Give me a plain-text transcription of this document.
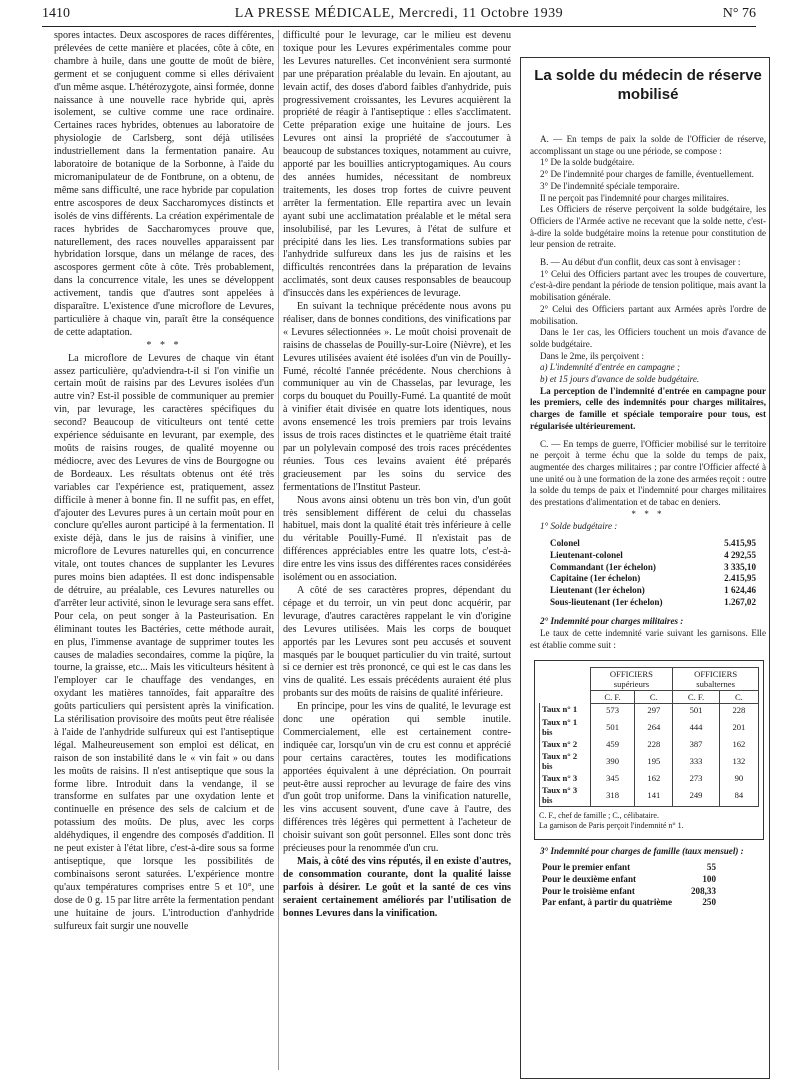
1410	LA PRESSE MÉDICALE, Mercredi, 11 Octobre 1939	N° 76

spores intactes. Deux ascospores de races différentes, prélevées de cette manière et placées, côte à côte, en chambre à huile, dans une goutte de moût de bière, germent et se conjuguent comme si elles dérivaient d'un même asque. L'hétérozygote, ainsi formée, donne naissance à une nouvelle race hybride qui, après isolement, se cultive comme une race ordinaire. Certaines races hybrides, obtenues au laboratoire de physiologie de Carlsberg, sont déjà utilisées industriellement dans la fermentation panaire. Au laboratoire de botanique de la Sorbonne, à l'aide du micromanipulateur de de Fontbrune, on a obtenu, de même sans difficulté, une race hybride par copulation entre ascospores de deux Saccharomyces distincts et isolés de vins différents. La création expérimentale de races hybrides de Saccharomyces prouve que, naturellement, des races nouvelles apparaissent par hybridation lorsque, dans un mélange de races, des ascospores germent côte à côte. Très probablement, dans la concurrence vitale, les unes se développent activement, tandis que d'autres sont appelées à disparaître. L'existence d'une microflore de Levures, particulière à chaque vin, paraît être la conséquence de cette adaptation.

* * *

La microflore de Levures de chaque vin étant assez particulière, qu'adviendra-t-il si l'on vinifie un certain moût de raisins par des Levures isolées d'un autre vin? Est-il possible de communiquer au premier vin, par levurage, les caractères spécifiques du second? Beaucoup de viticulteurs ont tenté cette expérience séduisante en levurant, par exemple, des moûts de raisins rouges, de qualité moyenne ou médiocre, avec des Levures de vins de Bourgogne ou de Bordeaux. Les résultats obtenus ont été très variables car l'expérience est, pratiquement, assez difficile à mener à bonne fin. Il ne suffit pas, en effet, d'ajouter des Levures pures à un certain moût pour en conclure qu'elles auront participé à la fermentation. Il existe déjà, dans le jus de raisins à vinifier, une microflore de Levures naturelles qui, en concurrence vitale, ont toutes chances de supplanter les Levures pures moins bien adaptées. Il est donc indispensable de détruire, au préalable, ces Levures naturelles ou d'arrêter leur activité, sinon le levurage sera sans effet. Pour cela, on peut songer à la Pasteurisation. En éliminant toutes les Bactéries, cette méthode aurait, en plus, l'immense avantage de supprimer toutes les causes de maladies secondaires, comme la piqûre, la tourne, la graisse, etc... Mais les viticulteurs hésitent à l'employer car le chauffage des vendanges, en oxydant les matières tannoïdes, fait apparaître des goûts particuliers qui persistent après la vinification. La stérilisation provisoire des moûts peut être réalisée à l'aide de l'anhydride sulfureux qui est l'antiseptique légal. Malheureusement son emploi est délicat, en raison de son instabilité dans le « vin fait » ou dans les moûts de raisins. Il n'est antiseptique que sous la forme libre. Introduit dans la vendange, il se transforme en sulfates par une oxydation lente et continuelle en présence des sels de calcium et de potassium des moûts. De plus, avec les corps aldéhydiques, il engendre des composés d'addition. Il ne peut exister à l'état libre, c'est-à-dire sous sa forme antiseptique, que lorsque les possibilités de combinaisons seront saturées. L'expérience montre qu'aux températures comprises entre 5 et 10°, une dose de 0 g. 15 par litre arrête la fermentation pendant une huitaine de jours. L'introduction d'anhydride sulfureux fait surgir une nouvelle

difficulté pour le levurage, car le milieu est devenu toxique pour les Levures expérimentales comme pour les Levures naturelles. Cet inconvénient sera surmonté par une préparation préalable du levain. En ajoutant, au levain actif, des doses d'abord faibles d'anhydride, puis progressivement croissantes, les Levures acquièrent la propriété de réagir à l'antiseptique : elles s'acclimatent. Cette préparation exige une huitaine de jours. Les Levures ont ainsi la propriété de s'accoutumer à beaucoup de substances toxiques, notamment au cuivre, apporté par les bouillies anticryptogamiques. Au cours des années humides, nécessitant de nombreux traitements, les doses trop fortes de cuivre peuvent arrêter la fermentation. Elle repartira avec un levain ayant subi une acclimatation préalable et le métal sera insolubilisé, par les Levures, à l'état de sulfure et précipité dans les lies. Les transformations subies par l'anhydride sulfureux dans les jus de raisins et les difficultés rencontrées dans la préparation de levains acclimatés, sont deux causes responsables de beaucoup d'insuccès dans les expériences de levurage.

En suivant la technique précédente nous avons pu réaliser, dans de bonnes conditions, des vinifications par « Levures sélectionnées ». Le moût choisi provenait de raisins de chasselas de Pouilly-sur-Loire (Nièvre), et les Levures utilisées avaient été isolées d'un vin de Pouilly-Fumé, récolté l'année précédente. Nous cherchions à communiquer au vin de Chasselas, par levurage, les corps du bouquet du Pouilly-Fumé. La quantité de moût à vinifier était divisée en quatre lots identiques, nous avons ensemencé les trois premiers par trois levains issus de trois races distinctes et le quatrième était traité par un polylevain composé des trois races précédentes réunies. Tous ces levains avaient été préparés gracieusement par les soins du service des fermentations de l'Institut Pasteur.

Nous avons ainsi obtenu un très bon vin, d'un goût très sensiblement différent de celui du chasselas habituel, mais dont la qualité était très inférieure à celle du véritable Pouilly-Fumé. Il n'existait pas de différences appréciables entre les quatre lots, c'est-à-dire entre les vins issus des différentes races considérées isolément ou en association.

A côté de ses caractères propres, dépendant du cépage et du terroir, un vin peut donc acquérir, par levurage, d'autres caractères rappelant le vin d'origine des Levures utilisées. Mais les corps de bouquet apportés par les Levures sont peu accusés et souvent masqués par le bouquet particulier du vin traité, surtout si ce dernier est très prononcé, ce qui est le cas dans les vins de qualité. Les essais précédents auraient été plus probants sur des moûts de raisins de qualité inférieure.

En principe, pour les vins de qualité, le levurage est donc une opération qui semble inutile. Commercialement, elle est certainement contre-indiquée car, lorsqu'un vin de cru est connu et apprécié pour certains caractères, toutes les modifications apportées équivalent à une dépréciation. On pourrait peut-être aussi reprocher au levurage de faire des vins d'un goût trop uniforme. Dans la vinification naturelle, les vins accusent souvent, d'une cave à l'autre, des différences très légères qui permettent à l'acheteur de choisir suivant son goût personnel. Elles sont donc très précieuses pour la renommée d'un cru.

Mais, à côté des vins réputés, il en existe d'autres, de consommation courante, dont la qualité laisse parfois à désirer. Le goût et la santé de ces vins seraient certainement améliorés par l'utilisation de bonnes Levures dans la vinification.

La solde du médecin de réserve mobilisé

A. — En temps de paix la solde de l'Officier de réserve, accomplissant un stage ou une période, se compose :

1° De la solde budgétaire.

2° De l'indemnité pour charges de famille, éventuellement.

3° De l'indemnité spéciale temporaire.

Il ne perçoit pas l'indemnité pour charges militaires.

Les Officiers de réserve perçoivent la solde budgétaire, les Officiers de l'Armée active ne recevant que la solde nette, c'est-à-dire la solde budgétaire moins la retenue pour constitution de leur pension de retraite.

B. — Au début d'un conflit, deux cas sont à envisager :

1° Celui des Officiers partant avec les troupes de couverture, c'est-à-dire pendant la période de tension politique, mais avant la mobilisation générale.

2° Celui des Officiers partant aux Armées après l'ordre de mobilisation.

Dans le 1er cas, les Officiers touchent un mois d'avance de solde budgétaire.

Dans le 2me, ils perçoivent :

a) L'indemnité d'entrée en campagne ;

b) et 15 jours d'avance de solde budgétaire.

La perception de l'indemnité d'entrée en campagne pour les premiers, celle des indemnités pour charges militaires, charges de famille et spéciale temporaire pour tous, est régularisée ultérieurement.

C. — En temps de guerre, l'Officier mobilisé sur le territoire ne perçoit à terme échu que la solde du temps de paix, augmentée des charges militaires ; par contre l'Officier affecté à une unité ou à une formation de la zone des armées reçoit : outre la solde du temps de paix et l'indemnité pour charges militaires des prestations d'alimentation et de tabac en deniers.

* * *

1° Solde budgétaire :

Colonel	5.415,95
Lieutenant-colonel	4 292,55
Commandant (1er échelon)	3 335,10
Capitaine (1er échelon)	2.415,95
Lieutenant (1er échelon)	1 624,46
Sous-lieutenant (1er échelon)	1.267,02

2° Indemnité pour charges militaires :

Le taux de cette indemnité varie suivant les garnisons. Elle est établie comme suit :

	OFFICIERS supérieurs		OFFICIERS subalternes	
	C. F.	C.	C. F.	C.
Taux n° 1	573	297	501	228
Taux n° 1 bis	501	264	444	201
Taux n° 2	459	228	387	162
Taux n° 2 bis	390	195	333	132
Taux n° 3	345	162	273	90
Taux n° 3 bis	318	141	249	84
C. F., chef de famille ; C., célibataire.
La garnison de Paris perçoit l'indemnité n° 1.

3° Indemnité pour charges de famille (taux mensuel) :

Pour le premier enfant	55
Pour le deuxième enfant	100
Pour le troisième enfant	208,33
Par enfant, à partir du quatrième	250
